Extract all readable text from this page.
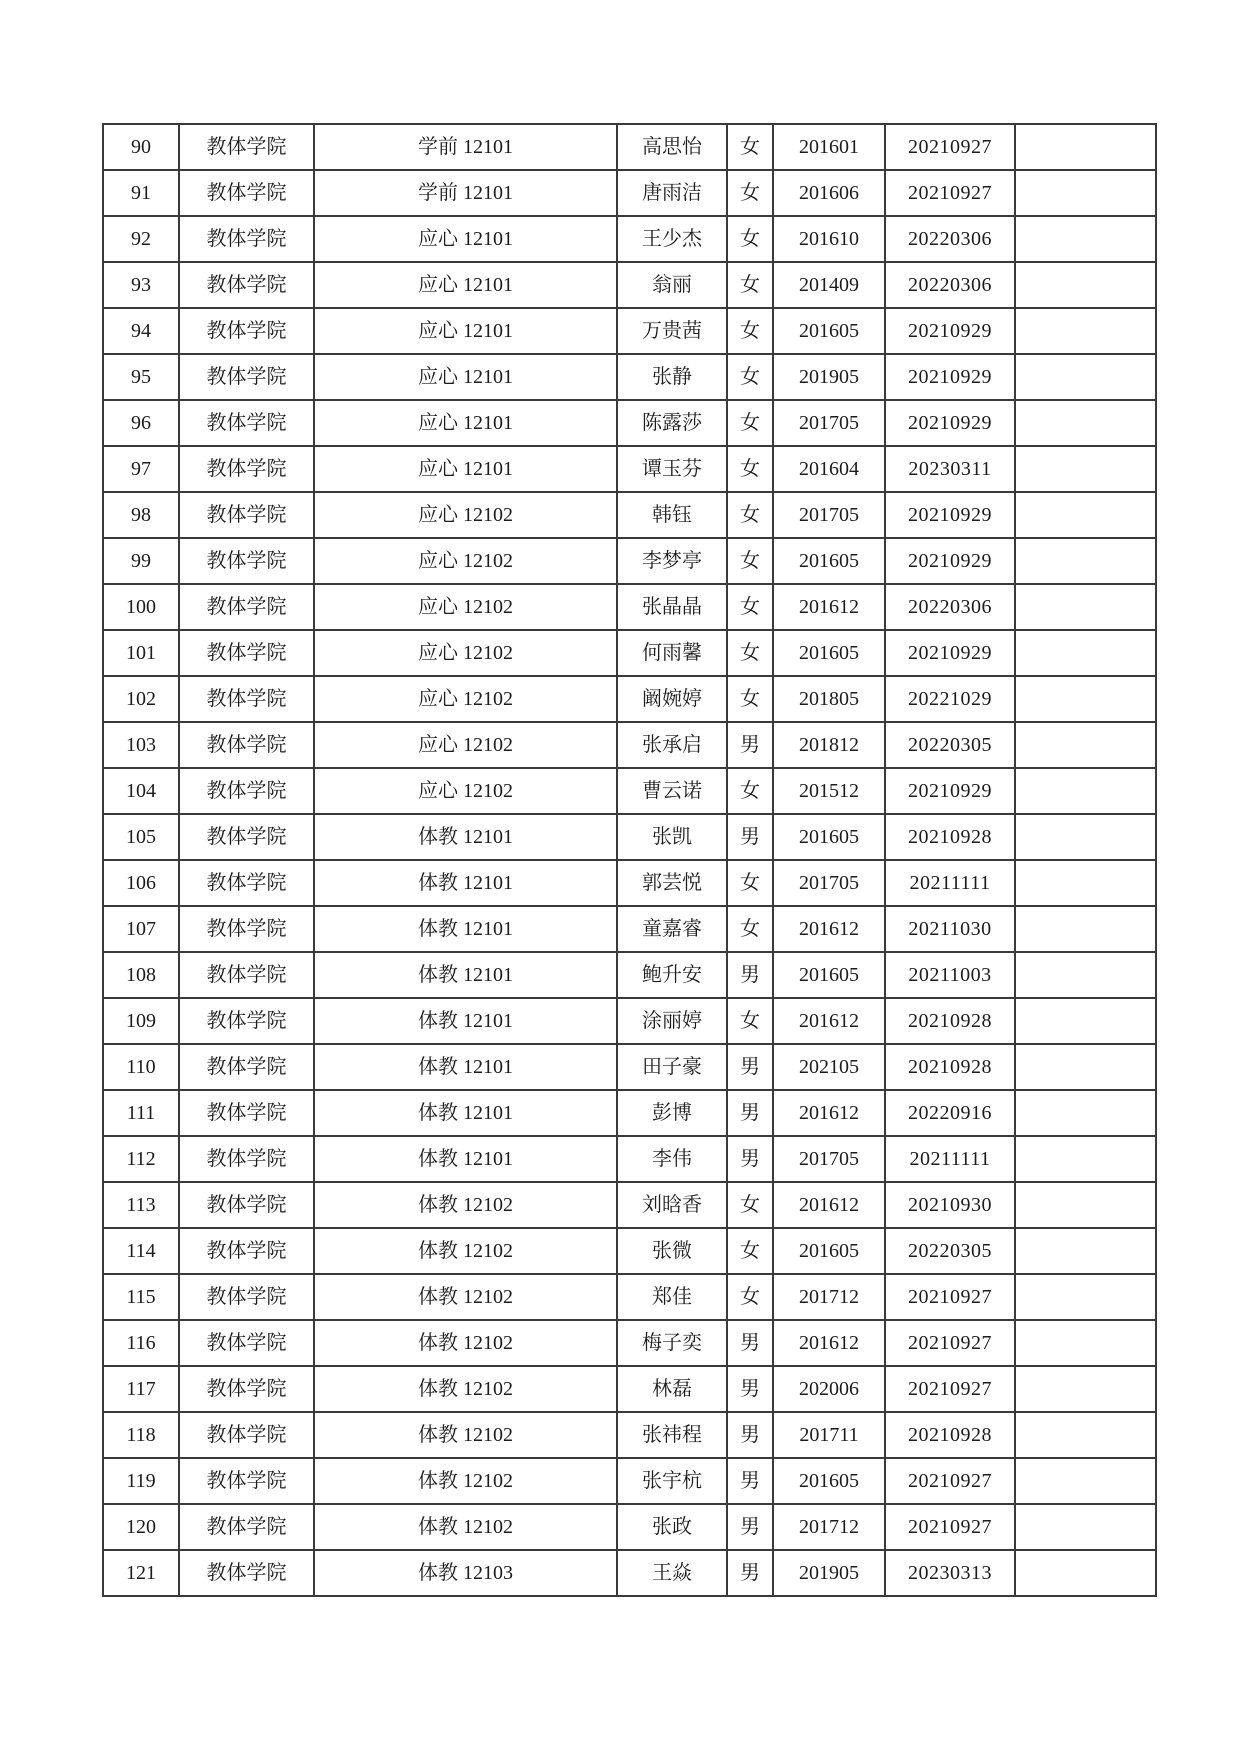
90	教体学院	学前 12101	高思怡	女	201601	20210927	
91	教体学院	学前 12101	唐雨洁	女	201606	20210927	
92	教体学院	应心 12101	王少杰	女	201610	20220306	
93	教体学院	应心 12101	翁丽	女	201409	20220306	
94	教体学院	应心 12101	万贵茜	女	201605	20210929	
95	教体学院	应心 12101	张静	女	201905	20210929	
96	教体学院	应心 12101	陈露莎	女	201705	20210929	
97	教体学院	应心 12101	谭玉芬	女	201604	20230311	
98	教体学院	应心 12102	韩钰	女	201705	20210929	
99	教体学院	应心 12102	李梦亭	女	201605	20210929	
100	教体学院	应心 12102	张晶晶	女	201612	20220306	
101	教体学院	应心 12102	何雨馨	女	201605	20210929	
102	教体学院	应心 12102	阚婉婷	女	201805	20221029	
103	教体学院	应心 12102	张承启	男	201812	20220305	
104	教体学院	应心 12102	曹云诺	女	201512	20210929	
105	教体学院	体教 12101	张凯	男	201605	20210928	
106	教体学院	体教 12101	郭芸悦	女	201705	20211111	
107	教体学院	体教 12101	童嘉睿	女	201612	20211030	
108	教体学院	体教 12101	鲍升安	男	201605	20211003	
109	教体学院	体教 12101	涂丽婷	女	201612	20210928	
110	教体学院	体教 12101	田子豪	男	202105	20210928	
111	教体学院	体教 12101	彭博	男	201612	20220916	
112	教体学院	体教 12101	李伟	男	201705	20211111	
113	教体学院	体教 12102	刘晗香	女	201612	20210930	
114	教体学院	体教 12102	张微	女	201605	20220305	
115	教体学院	体教 12102	郑佳	女	201712	20210927	
116	教体学院	体教 12102	梅子奕	男	201612	20210927	
117	教体学院	体教 12102	林磊	男	202006	20210927	
118	教体学院	体教 12102	张祎程	男	201711	20210928	
119	教体学院	体教 12102	张宇杭	男	201605	20210927	
120	教体学院	体教 12102	张政	男	201712	20210927	
121	教体学院	体教 12103	王焱	男	201905	20230313	
